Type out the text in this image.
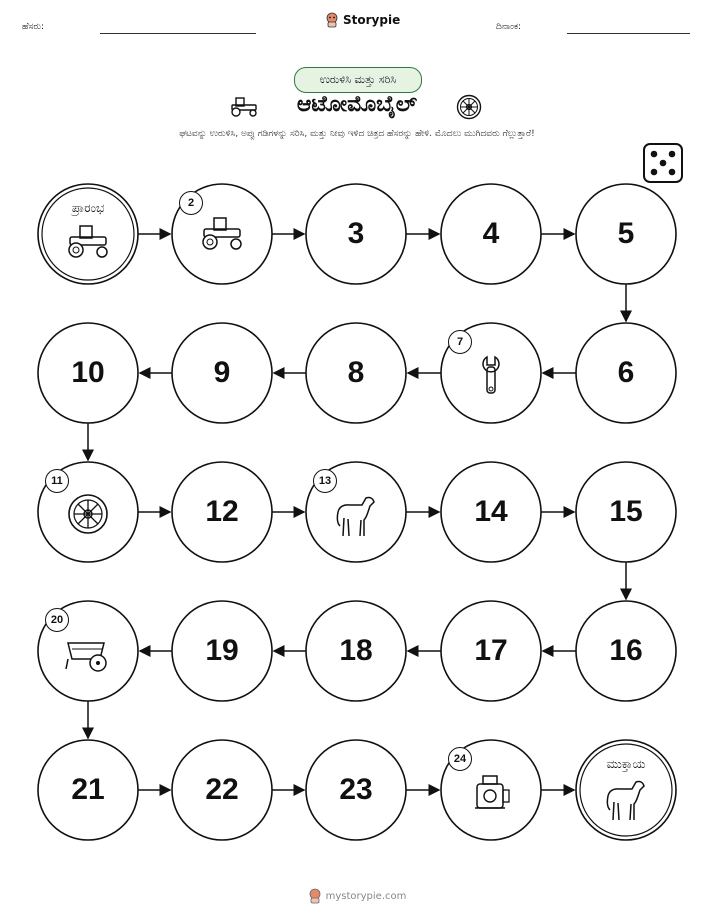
ಹೆಸರು:	Storypie	ದಿನಾಂಕ:
ಉರುಳಿಸಿ ಮತ್ತು ಸರಿಸಿ
ಆಟೋಮೊಬೈಲ್
ಘಟವನ್ನು ಉರುಳಿಸಿ, ಅಪ್ಪು ಗಡಿಗಳನ್ನು ಸರಿಸಿ, ಮತ್ತು ನೀವು ಇಳಿದ ಚಿತ್ರದ ಹೆಸರನ್ನು ಹೇಳಿ. ಮೊದಲು ಮುಗಿದವರು ಗೆಲ್ಲುತ್ತಾರೆ!
2
3	4	5
6
7
8
9
10
11
12
13
14	15
16
17
18
19
20
21	22	23
24
ಪ್ರಾರಂಭ
ಮುಕ್ತಾಯ
mystorypie.com
